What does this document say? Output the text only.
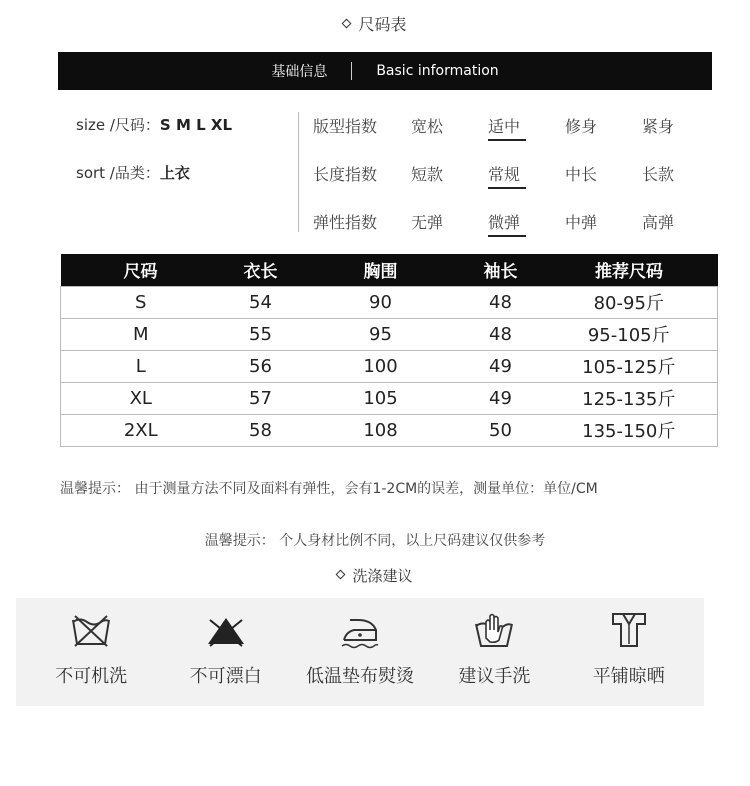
尺码表
基础信息	Basic information
size /尺码：S M L XL
sort /品类：上衣
版型指数	宽松	适中	修身	紧身
长度指数	短款	常规	中长	长款
弹性指数	无弹	微弹	中弹	高弹
尺码	衣长	胸围	袖长	推荐尺码
S	54	90	48	80-95斤
M	55	95	48	95-105斤
L	56	100	49	105-125斤
XL	57	105	49	125-135斤
2XL	58	108	50	135-150斤
温馨提示： 由于测量方法不同及面料有弹性，会有1-2CM的误差，测量单位：单位/CM
温馨提示： 个人身材比例不同，以上尺码建议仅供参考
洗涤建议
不可机洗	不可漂白 低温垫布熨烫 建议手洗	平铺晾晒
